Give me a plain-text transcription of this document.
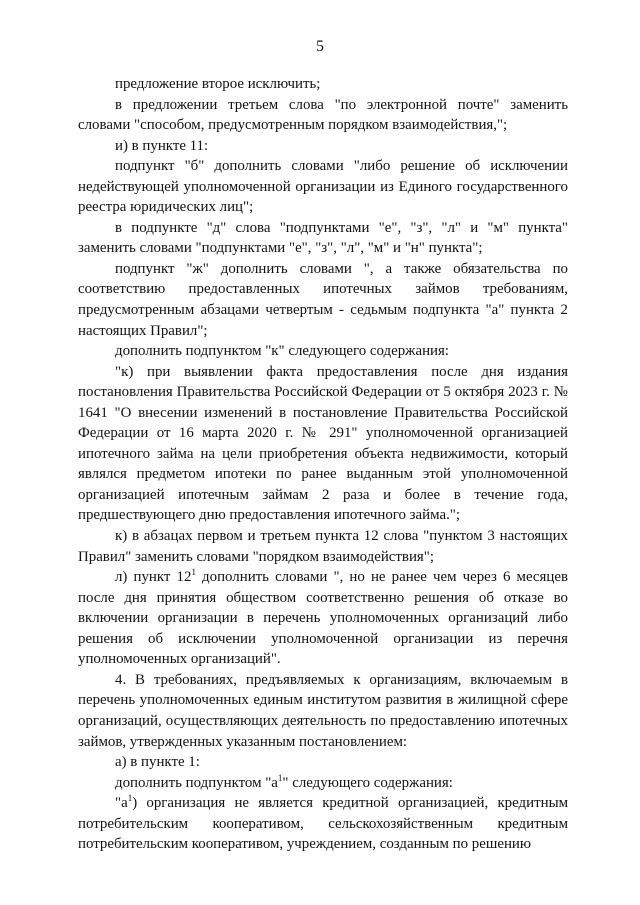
5

предложение второе исключить;

в предложении третьем слова "по электронной почте" заменить словами "способом, предусмотренным порядком взаимодействия,";

и) в пункте 11:

подпункт "б" дополнить словами "либо решение об исключении недействующей уполномоченной организации из Единого государственного реестра юридических лиц";

в подпункте "д" слова "подпунктами "е", "з", "л" и "м" пункта" заменить словами "подпунктами "е", "з", "л", "м" и "н" пункта";

подпункт "ж" дополнить словами ", а также обязательства по соответствию предоставленных ипотечных займов требованиям, предусмотренным абзацами четвертым - седьмым подпункта "а" пункта 2 настоящих Правил";

дополнить подпунктом "к" следующего содержания:

"к) при выявлении факта предоставления после дня издания постановления Правительства Российской Федерации от 5 октября 2023 г. № 1641 "О внесении изменений в постановление Правительства Российской Федерации от 16 марта 2020 г. № 291" уполномоченной организацией ипотечного займа на цели приобретения объекта недвижимости, который являлся предметом ипотеки по ранее выданным этой уполномоченной организацией ипотечным займам 2 раза и более в течение года, предшествующего дню предоставления ипотечного займа.";

к) в абзацах первом и третьем пункта 12 слова "пунктом 3 настоящих Правил" заменить словами "порядком взаимодействия";

л) пункт $12^1$ дополнить словами ", но не ранее чем через 6 месяцев после дня принятия обществом соответственно решения об отказе во включении организации в перечень уполномоченных организаций либо решения об исключении уполномоченной организации из перечня уполномоченных организаций".

4. В требованиях, предъявляемых к организациям, включаемым в перечень уполномоченных единым институтом развития в жилищной сфере организаций, осуществляющих деятельность по предоставлению ипотечных займов, утвержденных указанным постановлением:

а) в пункте 1:

дополнить подпунктом "$а^1$" следующего содержания:

"$а^1$) организация не является кредитной организацией, кредитным потребительским кооперативом, сельскохозяйственным кредитным потребительским кооперативом, учреждением, созданным по решению
